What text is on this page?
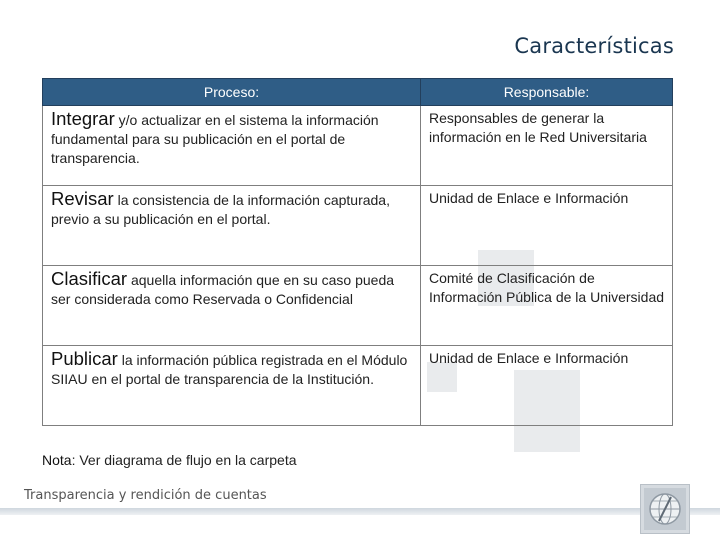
Características
Proceso:	Responsable:
Integrar y/o actualizar en el sistema la información fundamental para su publicación en el portal de transparencia.	Responsables de generar la información en le Red Universitaria
Revisar la consistencia de la información capturada, previo a su publicación en el portal.	Unidad de Enlace e Información
Clasificar aquella información que en su caso pueda ser considerada como Reservada o Confidencial	Comité de Clasificación de Información Pública de la Universidad
Publicar la información pública registrada en el Módulo SIIAU en el portal de transparencia de la Institución.	Unidad de Enlace e Información
Nota: Ver diagrama de flujo en la carpeta
Transparencia y rendición de cuentas
